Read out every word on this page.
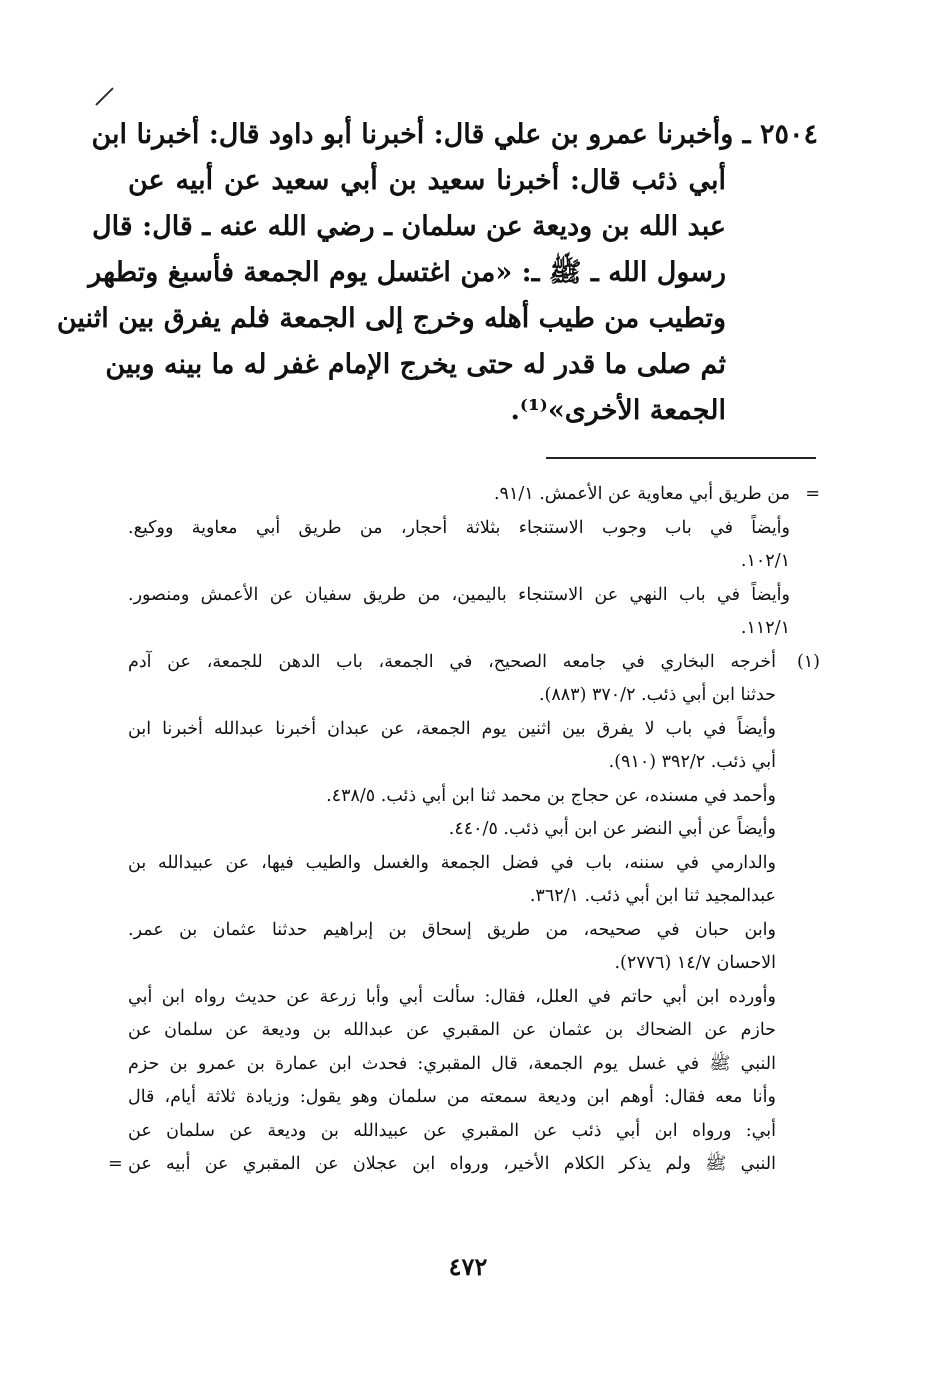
٢٥٠٤ ـ وأخبرنا عمرو بن علي قال: أخبرنا أبو داود قال: أخبرنا ابن
أبي ذئب قال: أخبرنا سعيد بن أبي سعيد عن أبيه عن
عبد الله بن وديعة عن سلمان ـ رضي الله عنه ـ قال: قال
رسول الله ـ ﷺ ـ: «من اغتسل يوم الجمعة فأسبغ وتطهر
وتطيب من طيب أهله وخرج إلى الجمعة فلم يفرق بين اثنين
ثم صلى ما قدر له حتى يخرج الإمام غفر له ما بينه وبين
الجمعة الأخرى»⁽¹⁾.
=
من طريق أبي معاوية عن الأعمش. ٩١/١.
وأيضاً في باب وجوب الاستنجاء بثلاثة أحجار، من طريق أبي معاوية ووكيع.
١٠٢/١.
وأيضاً في باب النهي عن الاستنجاء باليمين، من طريق سفيان عن الأعمش ومنصور.
١١٢/١.
(١)
أخرجه البخاري في جامعه الصحيح، في الجمعة، باب الدهن للجمعة، عن آدم
حدثنا ابن أبي ذئب. ٣٧٠/٢ (٨٨٣).
وأيضاً في باب لا يفرق بين اثنين يوم الجمعة، عن عبدان أخبرنا عبدالله أخبرنا ابن
أبي ذئب. ٣٩٢/٢ (٩١٠).
وأحمد في مسنده، عن حجاج بن محمد ثنا ابن أبي ذئب. ٤٣٨/٥.
وأيضاً عن أبي النضر عن ابن أبي ذئب. ٤٤٠/٥.
والدارمي في سننه، باب في فضل الجمعة والغسل والطيب فيها، عن عبيدالله بن
عبدالمجيد ثنا ابن أبي ذئب. ٣٦٢/١.
وابن حبان في صحيحه، من طريق إسحاق بن إبراهيم حدثنا عثمان بن عمر.
الاحسان ١٤/٧ (٢٧٧٦).
وأورده ابن أبي حاتم في العلل، فقال: سألت أبي وأبا زرعة عن حديث رواه ابن أبي
حازم عن الضحاك بن عثمان عن المقبري عن عبدالله بن وديعة عن سلمان عن
النبي ﷺ في غسل يوم الجمعة، قال المقبري: فحدث ابن عمارة بن عمرو بن حزم
وأنا معه فقال: أوهم ابن وديعة سمعته من سلمان وهو يقول: وزيادة ثلاثة أيام، قال
أبي: ورواه ابن أبي ذئب عن المقبري عن عبيدالله بن وديعة عن سلمان عن
النبي ﷺ ولم يذكر الكلام الأخير، ورواه ابن عجلان عن المقبري عن أبيه عن
=
٤٧٢
